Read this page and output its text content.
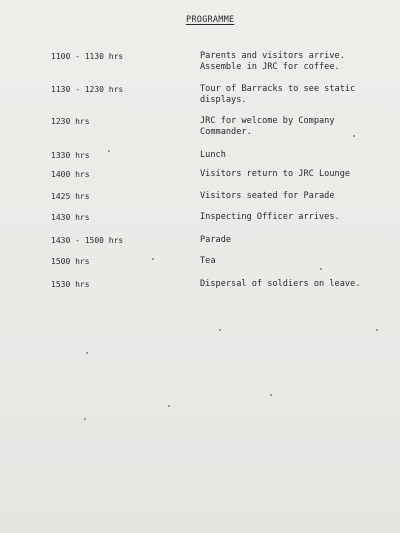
PROGRAMME
1100 - 1130 hrs	Parents and visitors arrive.
Assemble in JRC for coffee.
1130 - 1230 hrs	Tour of Barracks to see static
displays.
1230 hrs	JRC for welcome by Company
Commander.
1330 hrs	Lunch
1400 hrs	Visitors return to JRC Lounge
1425 hrs	Visitors seated for Parade
1430 hrs	Inspecting Officer arrives.
1430 - 1500 hrs	Parade
1500 hrs	Tea
1530 hrs	Dispersal of soldiers on leave.
